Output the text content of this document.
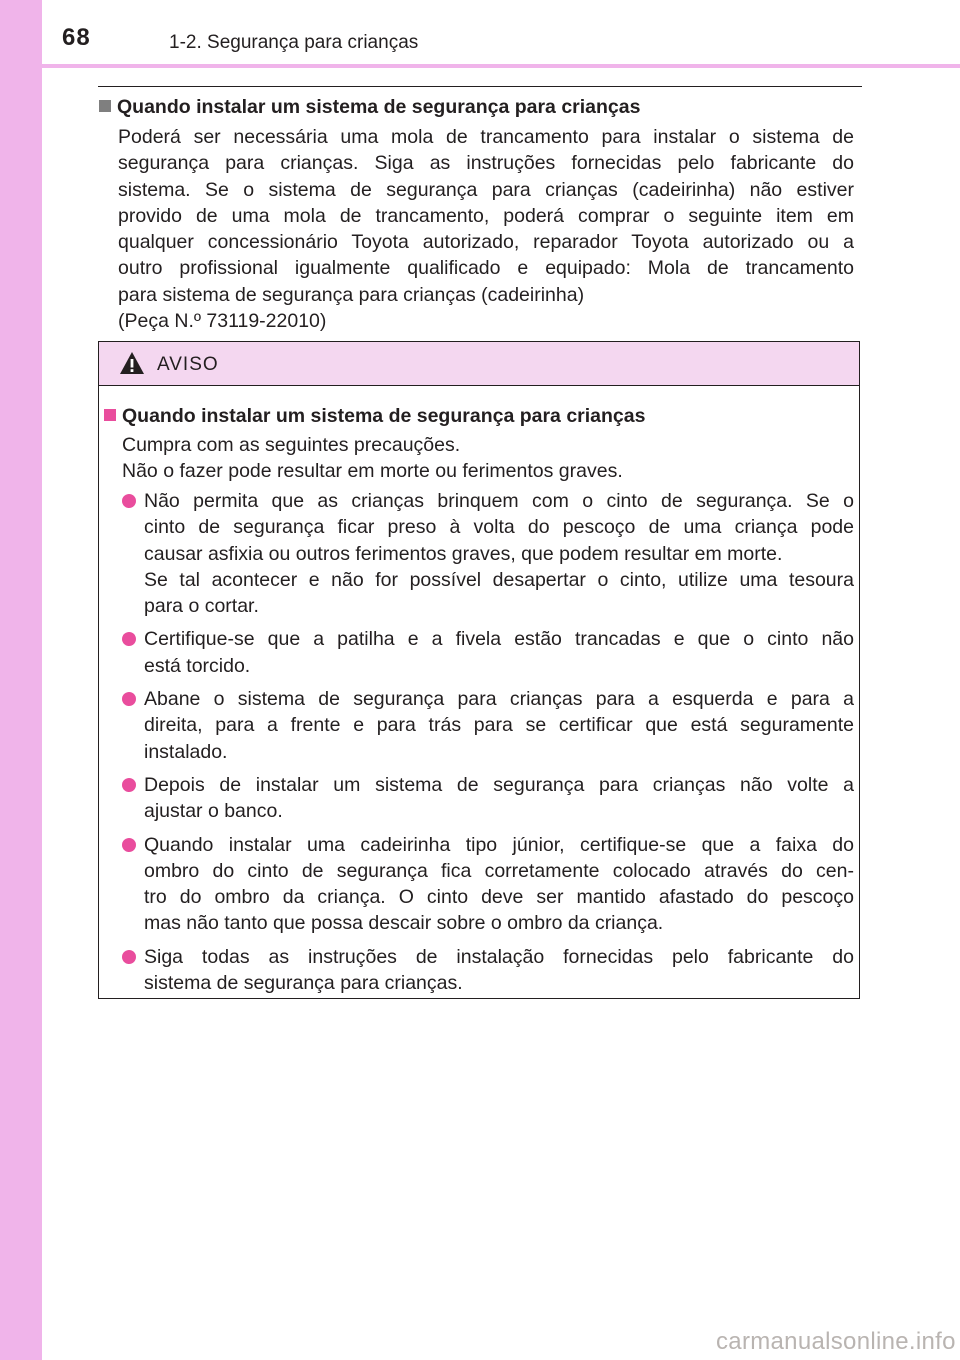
68	1-2. Segurança para crianças
Quando instalar um sistema de segurança para crianças

Poderá ser necessária uma mola de trancamento para instalar o sistema de
segurança para crianças. Siga as instruções fornecidas pelo fabricante do
sistema. Se o sistema de segurança para crianças (cadeirinha) não estiver
provido de uma mola de trancamento, poderá comprar o seguinte item em
qualquer concessionário Toyota autorizado, reparador Toyota autorizado ou a
outro profissional igualmente qualificado e equipado: Mola de trancamento
para sistema de segurança para crianças (cadeirinha)
(Peça N.º 73119-22010)

AVISO
Quando instalar um sistema de segurança para crianças

Cumpra com as seguintes precauções.
Não o fazer pode resultar em morte ou ferimentos graves.

Não permita que as crianças brinquem com o cinto de segurança. Se o
cinto de segurança ficar preso à volta do pescoço de uma criança pode
causar asfixia ou outros ferimentos graves, que podem resultar em morte.
Se tal acontecer e não for possível desapertar o cinto, utilize uma tesoura
para o cortar.
Certifique-se que a patilha e a fivela estão trancadas e que o cinto não
está torcido.
Abane o sistema de segurança para crianças para a esquerda e para a
direita, para a frente e para trás para se certificar que está seguramente
instalado.
Depois de instalar um sistema de segurança para crianças não volte a
ajustar o banco.
Quando instalar uma cadeirinha tipo júnior, certifique-se que a faixa do
ombro do cinto de segurança fica corretamente colocado através do cen-
tro do ombro da criança. O cinto deve ser mantido afastado do pescoço
mas não tanto que possa descair sobre o ombro da criança.
Siga todas as instruções de instalação fornecidas pelo fabricante do
sistema de segurança para crianças.
carmanualsonline.info
